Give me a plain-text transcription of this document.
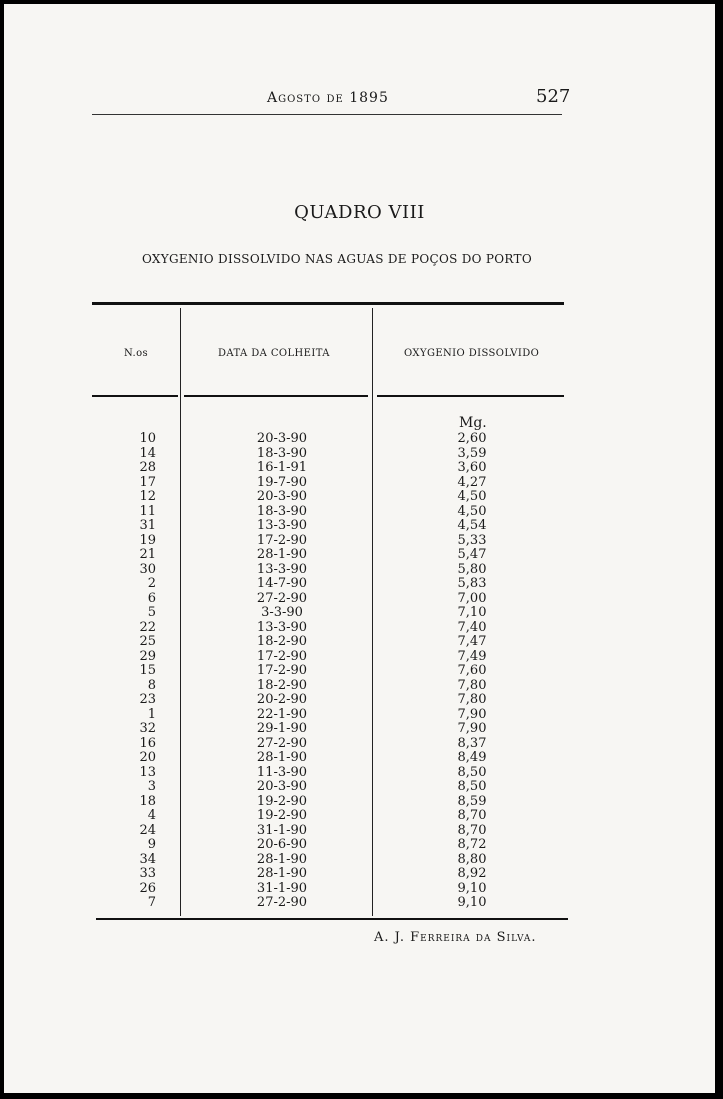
Agosto de 1895	527
QUADRO VIII
OXYGENIO DISSOLVIDO NAS AGUAS DE POÇOS DO PORTO
N.os	DATA DA COLHEITA	OXYGENIO DISSOLVIDO
Mg.
10	20-3-90	2,60
14	18-3-90	3,59
28	16-1-91	3,60
17	19-7-90	4,27
12	20-3-90	4,50
11	18-3-90	4,50
31	13-3-90	4,54
19	17-2-90	5,33
21	28-1-90	5,47
30	13-3-90	5,80
2	14-7-90	5,83
6	27-2-90	7,00
5	3-3-90	7,10
22	13-3-90	7,40
25	18-2-90	7,47
29	17-2-90	7,49
15	17-2-90	7,60
8	18-2-90	7,80
23	20-2-90	7,80
1	22-1-90	7,90
32	29-1-90	7,90
16	27-2-90	8,37
20	28-1-90	8,49
13	11-3-90	8,50
3	20-3-90	8,50
18	19-2-90	8,59
4	19-2-90	8,70
24	31-1-90	8,70
9	20-6-90	8,72
34	28-1-90	8,80
33	28-1-90	8,92
26	31-1-90	9,10
7	27-2-90	9,10
A. J. Ferreira da Silva.
